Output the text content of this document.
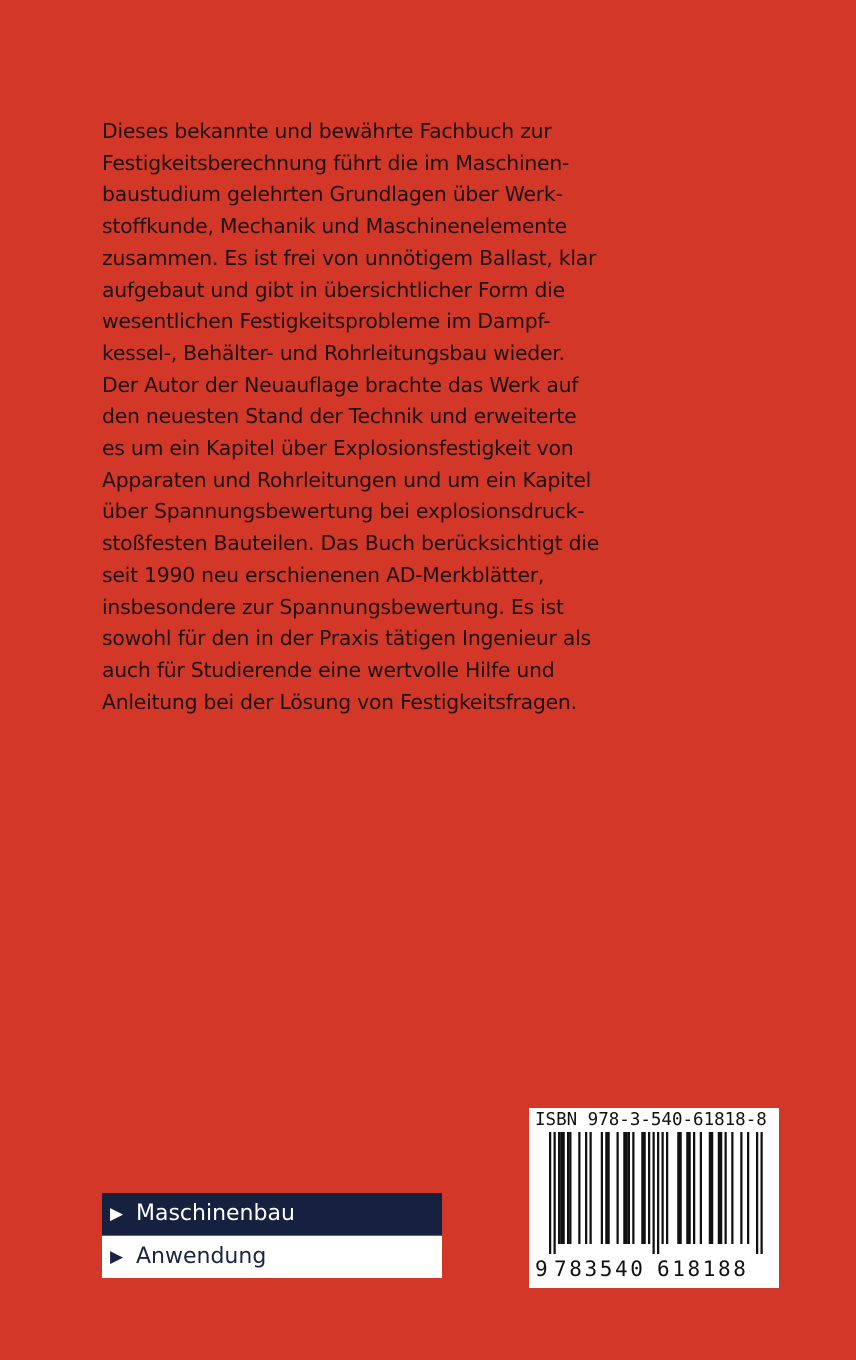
Dieses bekannte und bewährte Fachbuch zur
Festigkeitsberechnung führt die im Maschinen-
baustudium gelehrten Grundlagen über Werk-
stoffkunde, Mechanik und Maschinenelemente
zusammen. Es ist frei von unnötigem Ballast, klar
aufgebaut und gibt in übersichtlicher Form die
wesentlichen Festigkeitsprobleme im Dampf-
kessel-, Behälter- und Rohrleitungsbau wieder.
Der Autor der Neuauflage brachte das Werk auf
den neuesten Stand der Technik und erweiterte
es um ein Kapitel über Explosionsfestigkeit von
Apparaten und Rohrleitungen und um ein Kapitel
über Spannungsbewertung bei explosionsdruck-
stoßfesten Bauteilen. Das Buch berücksichtigt die
seit 1990 neu erschienenen AD-Merkblätter,
insbesondere zur Spannungsbewertung. Es ist
sowohl für den in der Praxis tätigen Ingenieur als
auch für Studierende eine wertvolle Hilfe und
Anleitung bei der Lösung von Festigkeitsfragen.
▶ Maschinenbau
▶ Anwendung
ISBN 978-3-540-61818-8
9 783540 618188
